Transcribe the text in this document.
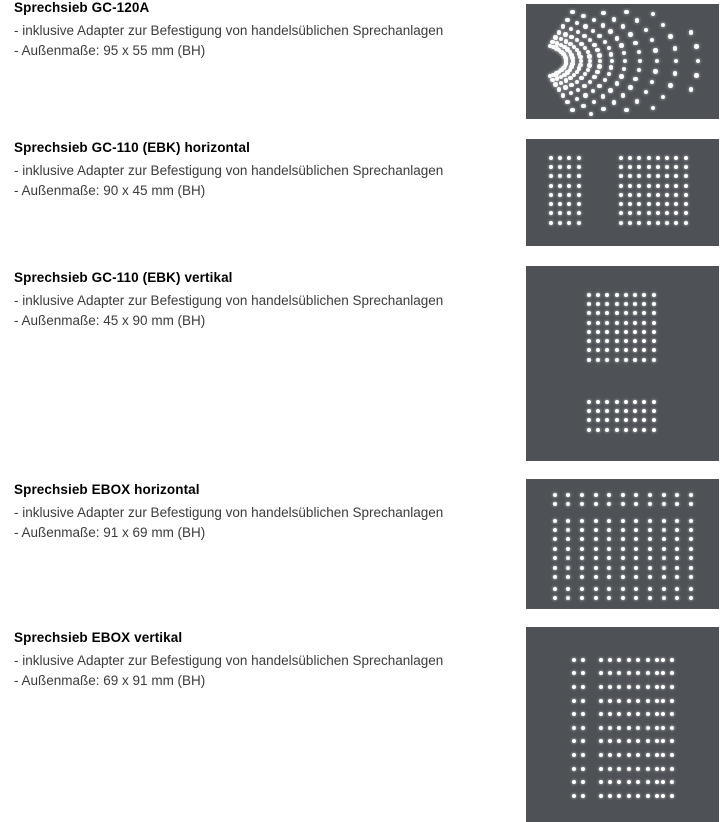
Sprechsieb GC-120A
- inklusive Adapter zur Befestigung von handelsüblichen Sprechanlagen
- Außenmaße: 95 x 55 mm (BH)
Sprechsieb GC-110 (EBK) horizontal
- inklusive Adapter zur Befestigung von handelsüblichen Sprechanlagen
- Außenmaße: 90 x 45 mm (BH)
Sprechsieb GC-110 (EBK) vertikal
- inklusive Adapter zur Befestigung von handelsüblichen Sprechanlagen
- Außenmaße: 45 x 90 mm (BH)
Sprechsieb EBOX horizontal
- inklusive Adapter zur Befestigung von handelsüblichen Sprechanlagen
- Außenmaße: 91 x 69 mm (BH)
Sprechsieb EBOX vertikal
- inklusive Adapter zur Befestigung von handelsüblichen Sprechanlagen
- Außenmaße: 69 x 91 mm (BH)
